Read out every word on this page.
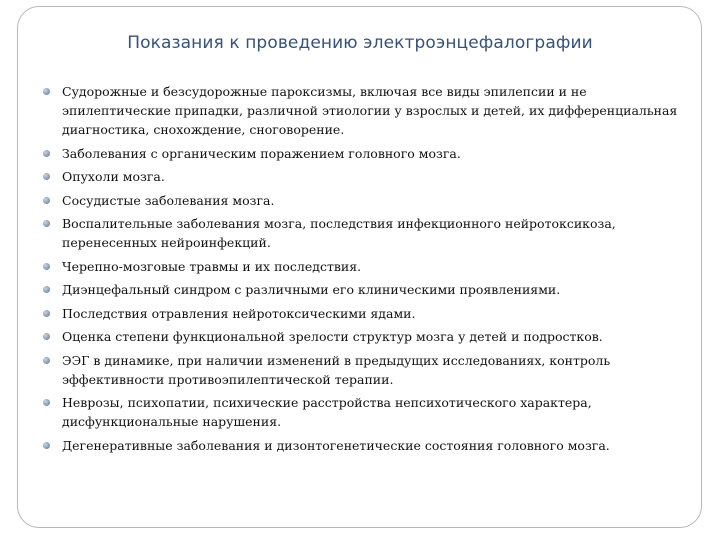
Показания к проведению электроэнцефалографии
Судорожные и безсудорожные пароксизмы, включая все виды эпилепсии и не эпилептические припадки, различной этиологии у взрослых и детей, их дифференциальная диагностика, снохождение, сноговорение.
Заболевания с органическим поражением головного мозга.
Опухоли мозга.
Сосудистые заболевания мозга.
Воспалительные заболевания мозга, последствия инфекционного нейротоксикоза, перенесенных нейроинфекций.
Черепно-мозговые травмы и их последствия.
Диэнцефальный синдром с различными его клиническими проявлениями.
Последствия отравления нейротоксическими ядами.
Оценка степени функциональной зрелости структур мозга у детей и подростков.
ЭЭГ в динамике, при наличии изменений в предыдущих исследованиях, контроль эффективности противоэпилептической терапии.
Неврозы, психопатии, психические расстройства непсихотического характера, дисфункциональные нарушения.
Дегенеративные заболевания и дизонтогенетические состояния головного мозга.
